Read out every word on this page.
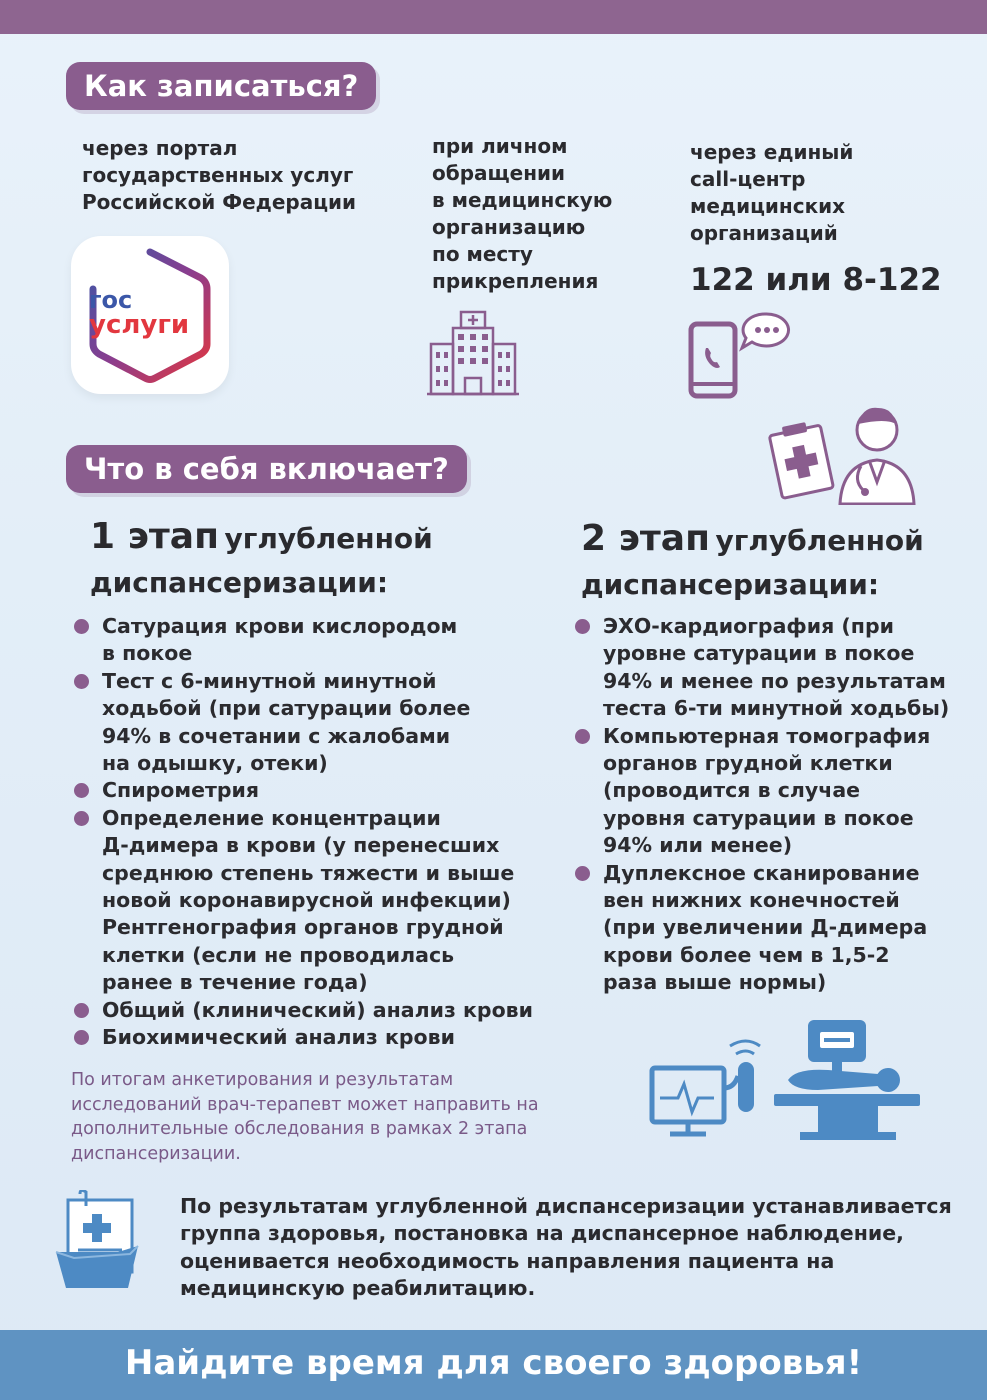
Как записаться?
через портал
государственных услуг
Российской Федерации
при личном
обращении
в медицинскую
организацию
по месту
прикрепления
через единый
call-центр
медицинских
организаций
122 или 8-122
гос
услуги
Что в себя включает?
1 этап углубленной
диспансеризации:
Сатурация крови кислородом
в покое
Тест с 6-минутной минутной
ходьбой (при сатурации более
94% в сочетании с жалобами
на одышку, отеки)
Спирометрия
Определение концентрации
Д-димера в крови (у перенесших
среднюю степень тяжести и выше
новой коронавирусной инфекции)
Рентгенография органов грудной
клетки (если не проводилась
ранее в течение года)
Общий (клинический) анализ крови
Биохимический анализ крови
2 этап углубленной
диспансеризации:
ЭХО-кардиография (при
уровне сатурации в покое
94% и менее по результатам
теста 6-ти минутной ходьбы)
Компьютерная томография
органов грудной клетки
(проводится в случае
уровня сатурации в покое
94% или менее)
Дуплексное сканирование
вен нижних конечностей
(при увеличении Д-димера
крови более чем в 1,5-2
раза выше нормы)
По итогам анкетирования и результатам исследований врач-терапевт может направить на дополнительные обследования в рамках 2 этапа диспансеризации.
По результатам углубленной диспансеризации устанавливается группа здоровья, постановка на диспансерное наблюдение, оценивается необходимость направления пациента на медицинскую реабилитацию.
Найдите время для своего здоровья!
